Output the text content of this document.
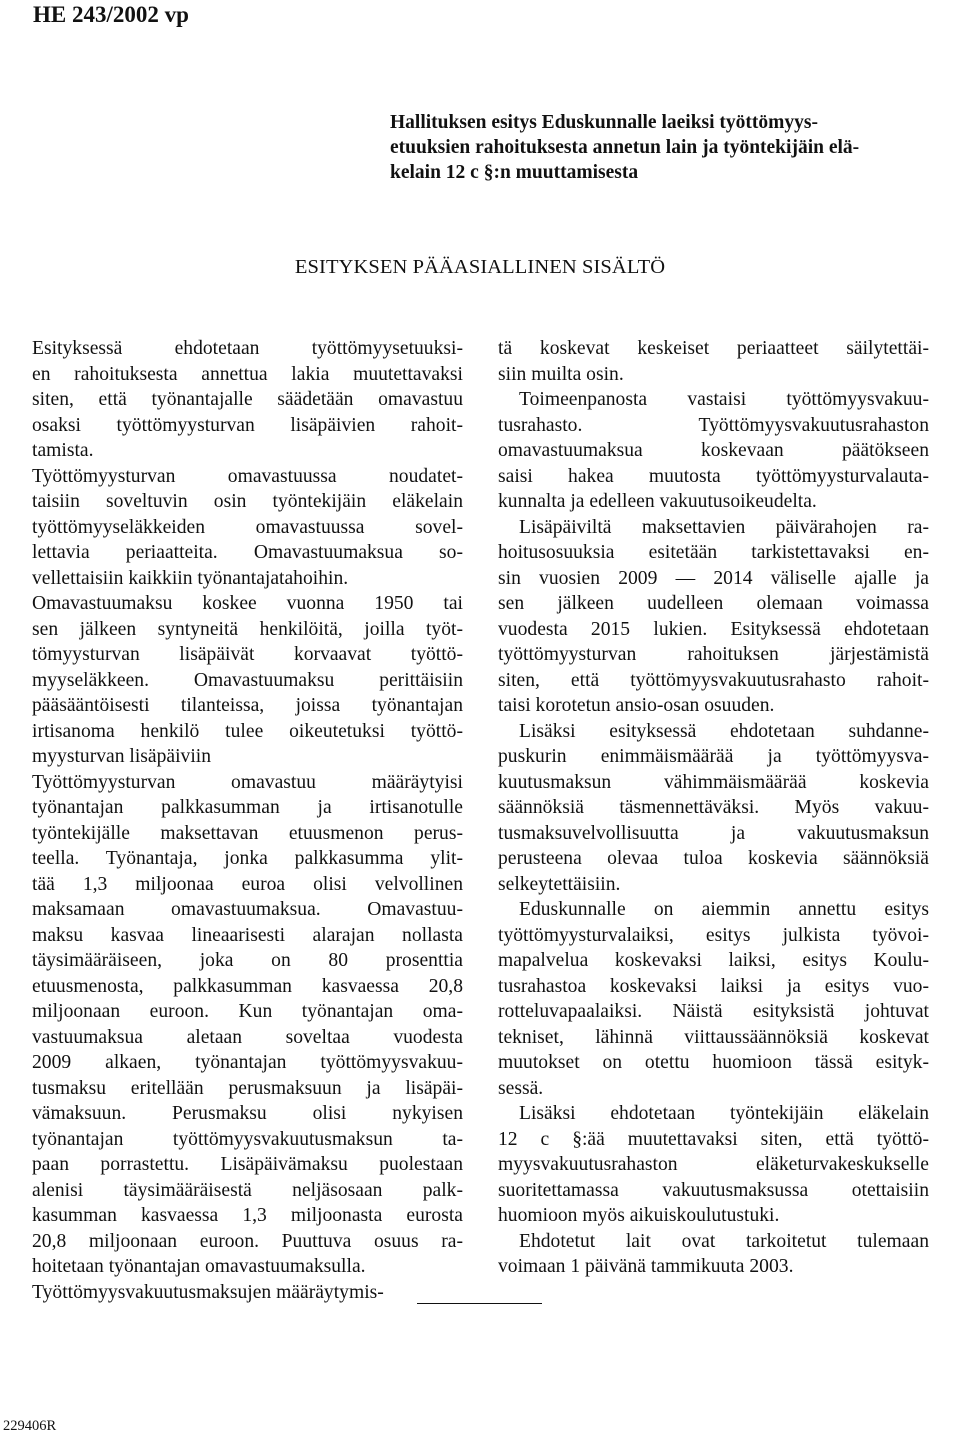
HE 243/2002 vp
Hallituksen esitys Eduskunnalle laeiksi työttömyys-
etuuksien rahoituksesta annetun lain ja työntekijäin elä-
kelain 12 c §:n muuttamisesta
ESITYKSEN PÄÄASIALLINEN SISÄLTÖ
Esityksessä ehdotetaan työttömyysetuuksi-
en rahoituksesta annettua lakia muutettavaksi
siten, että työnantajalle säädetään omavastuu
osaksi työttömyysturvan lisäpäivien rahoit-
tamista.
Työttömyysturvan omavastuussa noudatet-
taisiin soveltuvin osin työntekijäin eläkelain
työttömyyseläkkeiden omavastuussa sovel-
lettavia periaatteita. Omavastuumaksua so-
vellettaisiin kaikkiin työnantajatahoihin.
Omavastuumaksu koskee vuonna 1950 tai
sen jälkeen syntyneitä henkilöitä, joilla työt-
tömyysturvan lisäpäivät korvaavat työttö-
myyseläkkeen. Omavastuumaksu perittäisiin
pääsääntöisesti tilanteissa, joissa työnantajan
irtisanoma henkilö tulee oikeutetuksi työttö-
myysturvan lisäpäiviin
Työttömyysturvan omavastuu määräytyisi
työnantajan palkkasumman ja irtisanotulle
työntekijälle maksettavan etuusmenon perus-
teella. Työnantaja, jonka palkkasumma ylit-
tää 1,3 miljoonaa euroa olisi velvollinen
maksamaan omavastuumaksua. Omavastuu-
maksu kasvaa lineaarisesti alarajan nollasta
täysimääräiseen, joka on 80 prosenttia
etuusmenosta, palkkasumman kasvaessa 20,8
miljoonaan euroon. Kun työnantajan oma-
vastuumaksua aletaan soveltaa vuodesta
2009 alkaen, työnantajan työttömyysvakuu-
tusmaksu eritellään perusmaksuun ja lisäpäi-
vämaksuun. Perusmaksu olisi nykyisen
työnantajan työttömyysvakuutusmaksun ta-
paan porrastettu. Lisäpäivämaksu puolestaan
alenisi täysimääräisestä neljäsosaan palk-
kasumman kasvaessa 1,3 miljoonasta eurosta
20,8 miljoonaan euroon. Puuttuva osuus ra-
hoitetaan työnantajan omavastuumaksulla.
Työttömyysvakuutusmaksujen määräytymis-
tä koskevat keskeiset periaatteet säilytettäi-
siin muilta osin.
Toimeenpanosta vastaisi työttömyysvakuu-
tusrahasto. Työttömyysvakuutusrahaston
omavastuumaksua koskevaan päätökseen
saisi hakea muutosta työttömyysturvalauta-
kunnalta ja edelleen vakuutusoikeudelta.
Lisäpäiviltä maksettavien päivärahojen ra-
hoitusosuuksia esitetään tarkistettavaksi en-
sin vuosien 2009 — 2014 väliselle ajalle ja
sen jälkeen uudelleen olemaan voimassa
vuodesta 2015 lukien. Esityksessä ehdotetaan
työttömyysturvan rahoituksen järjestämistä
siten, että työttömyysvakuutusrahasto rahoit-
taisi korotetun ansio-osan osuuden.
Lisäksi esityksessä ehdotetaan suhdanne-
puskurin enimmäismäärää ja työttömyysva-
kuutusmaksun vähimmäismäärää koskevia
säännöksiä täsmennettäväksi. Myös vakuu-
tusmaksuvelvollisuutta ja vakuutusmaksun
perusteena olevaa tuloa koskevia säännöksiä
selkeytettäisiin.
Eduskunnalle on aiemmin annettu esitys
työttömyysturvalaiksi, esitys julkista työvoi-
mapalvelua koskevaksi laiksi, esitys Koulu-
tusrahastoa koskevaksi laiksi ja esitys vuo-
rotteluvapaalaiksi. Näistä esityksistä johtuvat
tekniset, lähinnä viittaussäännöksiä koskevat
muutokset on otettu huomioon tässä esityk-
sessä.
Lisäksi ehdotetaan työntekijäin eläkelain
12 c §:ää muutettavaksi siten, että työttö-
myysvakuutusrahaston eläketurvakeskukselle
suoritettamassa vakuutusmaksussa otettaisiin
huomioon myös aikuiskoulutustuki.
Ehdotetut lait ovat tarkoitetut tulemaan
voimaan 1 päivänä tammikuuta 2003.
229406R
